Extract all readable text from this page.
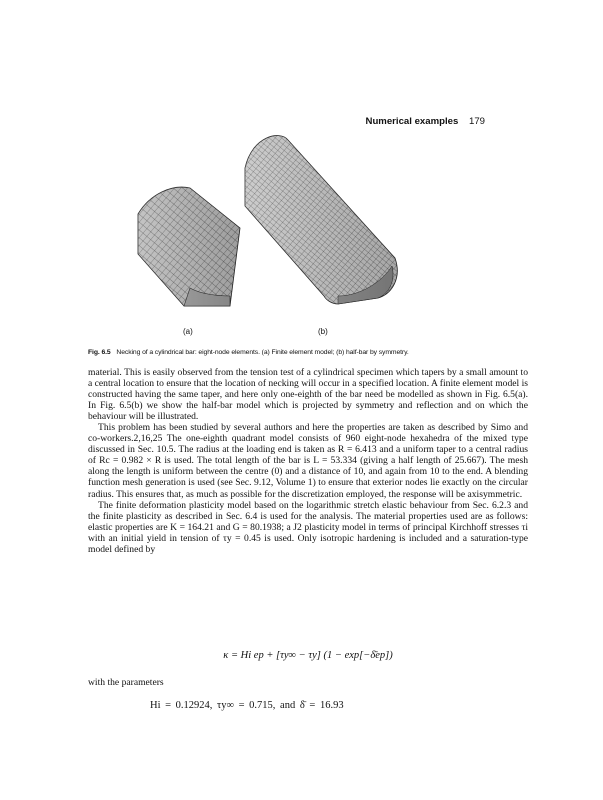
Numerical examples 179
(a)	(b)
Fig. 6.5 Necking of a cylindrical bar: eight-node elements. (a) Finite element model; (b) half-bar by symmetry.

material. This is easily observed from the tension test of a cylindrical specimen which tapers by a small amount to a central location to ensure that the location of necking will occur in a specified location. A finite element model is constructed having the same taper, and here only one-eighth of the bar need be modelled as shown in Fig. 6.5(a). In Fig. 6.5(b) we show the half-bar model which is projected by symmetry and reflection and on which the behaviour will be illustrated.

This problem has been studied by several authors and here the properties are taken as described by Simo and co-workers.2,16,25 The one-eighth quadrant model consists of 960 eight-node hexahedra of the mixed type discussed in Sec. 10.5. The radius at the loading end is taken as R = 6.413 and a uniform taper to a central radius of Rc = 0.982 × R is used. The total length of the bar is L = 53.334 (giving a half length of 25.667). The mesh along the length is uniform between the centre (0) and a distance of 10, and again from 10 to the end. A blending function mesh generation is used (see Sec. 9.12, Volume 1) to ensure that exterior nodes lie exactly on the circular radius. This ensures that, as much as possible for the discretization employed, the response will be axisymmetric.

The finite deformation plasticity model based on the logarithmic stretch elastic behaviour from Sec. 6.2.3 and the finite plasticity as described in Sec. 6.4 is used for the analysis. The material properties used are as follows: elastic properties are K = 164.21 and G = 80.1938; a J2 plasticity model in terms of principal Kirchhoff stresses τi with an initial yield in tension of τy = 0.45 is used. Only isotropic hardening is included and a saturation-type model defined by

κ = Hi ep + [τy∞ − τy] (1 − exp[−δ̄ep])
with the parameters
Hi = 0.12924, τy∞ = 0.715, and δ̄ = 16.93
